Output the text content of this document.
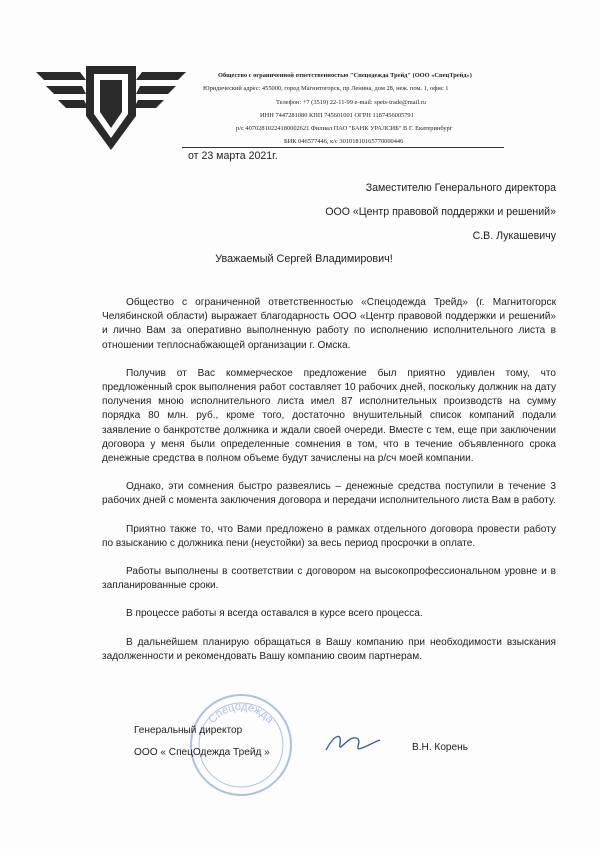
Общество с ограниченной ответственностью "Спецодежда Трейд" (ООО «СпецТрейд»)
Юридический адрес: 455000, город Магнитогорск, пр Ленина, дом 28, неж. пом. 1, офис 1
Телефон: +7 (3519) 22-11-99 e-mail: spets-trade@mail.ru
ИНН 7447281080 КПП 745601001 ОГРН 1187456005791
р/с 40702810224180002621 Филиал ПАО "БАНК УРАЛСИБ" В Г. Екатеринбург
БИК 046577446, к/с 30101810165770000446
от 23 марта 2021г.
Заместителю Генерального директора
ООО «Центр правовой поддержки и решений»
С.В. Лукашевичу
Уважаемый Сергей Владимирович!

Общество с ограниченной ответственностью «Спецодежда Трейд» (г. Магнитогорск Челябинской области) выражает благодарность ООО «Центр правовой поддержки и решений» и лично Вам за оперативно выполненную работу по исполнению исполнительного листа в отношении теплоснабжающей организации г. Омска.

Получив от Вас коммерческое предложение был приятно удивлен тому, что предложенный срок выполнения работ составляет 10 рабочих дней, поскольку должник на дату получения мною исполнительного листа имел 87 исполнительных производств на сумму порядка 80 млн. руб., кроме того, достаточно внушительный список компаний подали заявление о банкротстве должника и ждали своей очереди. Вместе с тем, еще при заключении договора у меня были определенные сомнения в том, что в течение объявленного срока денежные средства в полном объеме будут зачислены на р/сч моей компании.

Однако, эти сомнения быстро развеялись – денежные средства поступили в течение 3 рабочих дней с момента заключения договора и передачи исполнительного листа Вам в работу.

Приятно также то, что Вами предложено в рамках отдельного договора провести работу по взысканию с должника пени (неустойки) за весь период просрочки в оплате.

Работы выполнены в соответствии с договором на высокопрофессиональном уровне и в запланированные сроки.

В процессе работы я всегда оставался в курсе всего процесса.

В дальнейшем планирую обращаться в Вашу компанию при необходимости взыскания задолженности и рекомендовать Вашу компанию своим партнерам.

Спецодежда
Генеральный директор
ООО « СпецОдежда Трейд »	В.Н. Корень
